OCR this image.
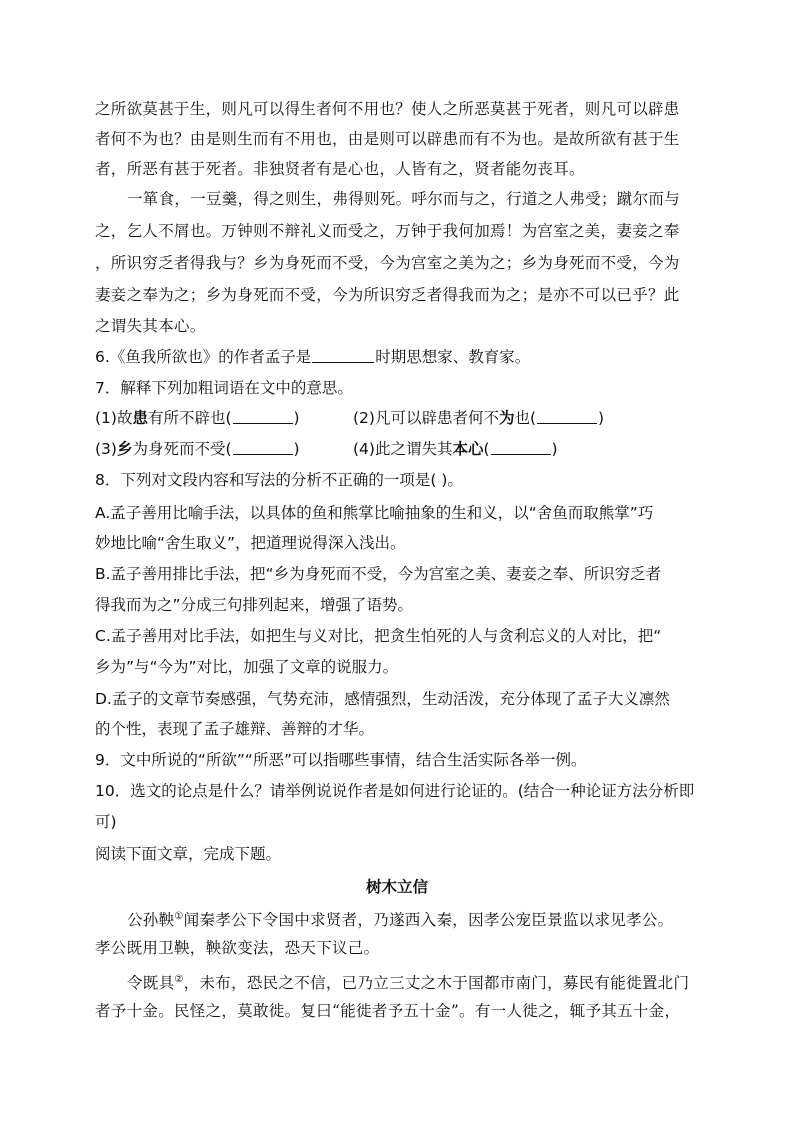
之所欲莫甚于生，则凡可以得生者何不用也？使人之所恶莫甚于死者，则凡可以辟患
者何不为也？由是则生而有不用也，由是则可以辟患而有不为也。是故所欲有甚于生
者，所恶有甚于死者。非独贤者有是心也，人皆有之，贤者能勿丧耳。
一箪食，一豆羹，得之则生，弗得则死。呼尔而与之，行道之人弗受；蹴尔而与
之，乞人不屑也。万钟则不辩礼义而受之，万钟于我何加焉！为宫室之美，妻妾之奉
，所识穷乏者得我与？乡为身死而不受，今为宫室之美为之；乡为身死而不受，今为
妻妾之奉为之；乡为身死而不受，今为所识穷乏者得我而为之；是亦不可以已乎？此
之谓失其本心。
6.《鱼我所欲也》的作者孟子是	时期思想家、教育家。
7．解释下列加粗词语在文中的意思。
(1)故患有所不辟也(	)	(2)凡可以辟患者何不为也(	)
(3)乡为身死而不受(	)	(4)此之谓失其本心(	)
8．下列对文段内容和写法的分析不正确的一项是( )。
A.孟子善用比喻手法，以具体的鱼和熊掌比喻抽象的生和义，以“舍鱼而取熊掌”巧
妙地比喻“舍生取义”，把道理说得深入浅出。
B.孟子善用排比手法，把“乡为身死而不受，今为宫室之美、妻妾之奉、所识穷乏者
得我而为之”分成三句排列起来，增强了语势。
C.孟子善用对比手法，如把生与义对比，把贪生怕死的人与贪利忘义的人对比，把“
乡为”与“今为”对比，加强了文章的说服力。
D.孟子的文章节奏感强，气势充沛，感情强烈，生动活泼，充分体现了孟子大义凛然
的个性，表现了孟子雄辩、善辩的才华。
9．文中所说的“所欲”“所恶”可以指哪些事情，结合生活实际各举一例。
10．选文的论点是什么？请举例说说作者是如何进行论证的。(结合一种论证方法分析即
可)
阅读下面文章，完成下题。
树木立信
公孙鞅①闻秦孝公下令国中求贤者，乃遂西入秦，因孝公宠臣景监以求见孝公。
孝公既用卫鞅，鞅欲变法，恐天下议己。
令既具②，未布，恐民之不信，已乃立三丈之木于国都市南门，募民有能徙置北门
者予十金。民怪之，莫敢徙。复曰“能徙者予五十金”。有一人徙之，辄予其五十金，
